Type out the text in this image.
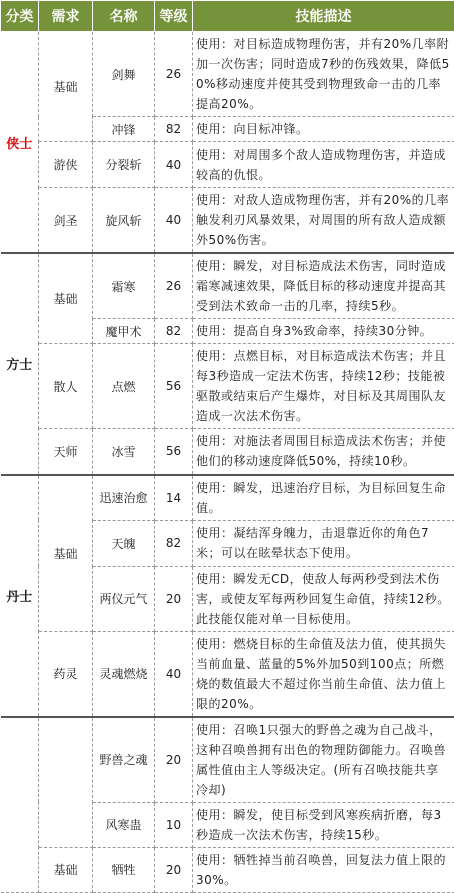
分类	需求	名称	等级	技能描述
侠士	基础	剑舞	26	使用：对目标造成物理伤害，并有20%几率附加一次伤害；同时造成7秒的伤残效果，降低50%移动速度并使其受到物理致命一击的几率提高20%。
		冲锋	82	使用：向目标冲锋。
	游侠	分裂斩	40	使用：对周围多个敌人造成物理伤害，并造成较高的仇恨。
	剑圣	旋风斩	40	使用：对敌人造成物理伤害，并有20%的几率触发利刃风暴效果，对周围的所有敌人造成额外50%伤害。
方士	基础	霜寒	26	使用：瞬发，对目标造成法术伤害，同时造成霜寒减速效果，降低目标的移动速度并提高其受到法术致命一击的几率，持续5秒。
		魔甲术	82	使用：提高自身3%致命率，持续30分钟。
	散人	点燃	56	使用：点燃目标，对目标造成法术伤害；并且每3秒造成一定法术伤害，持续12秒；技能被驱散或结束后产生爆炸，对目标及其周围队友造成一次法术伤害。
	天师	冰雪	56	使用：对施法者周围目标造成法术伤害；并使他们的移动速度降低50%，持续10秒。
丹士	基础	迅速治愈	14	使用：瞬发，迅速治疗目标，为目标回复生命值。
		天魄	82	使用：凝结浑身魄力，击退靠近你的角色7米；可以在眩晕状态下使用。
		两仪元气	20	使用：瞬发无CD，使敌人每两秒受到法术伤害，或使友军每两秒回复生命值，持续12秒。此技能仅能对单一目标使用。
	药灵	灵魂燃烧	40	使用：燃烧目标的生命值及法力值，使其损失当前血量、蓝量的5%外加50到100点；所燃烧的数值最大不超过你当前生命值、法力值上限的20%。
		野兽之魂	20	使用：召唤1只强大的野兽之魂为自己战斗，这种召唤兽拥有出色的物理防御能力。召唤兽属性值由主人等级决定。(所有召唤技能共享冷却)
		风寒蛊	10	使用：瞬发，使目标受到风寒疾病折磨，每3秒造成一次法术伤害，持续15秒。
	基础	牺牲	20	使用：牺牲掉当前召唤兽，回复法力值上限的30%。
